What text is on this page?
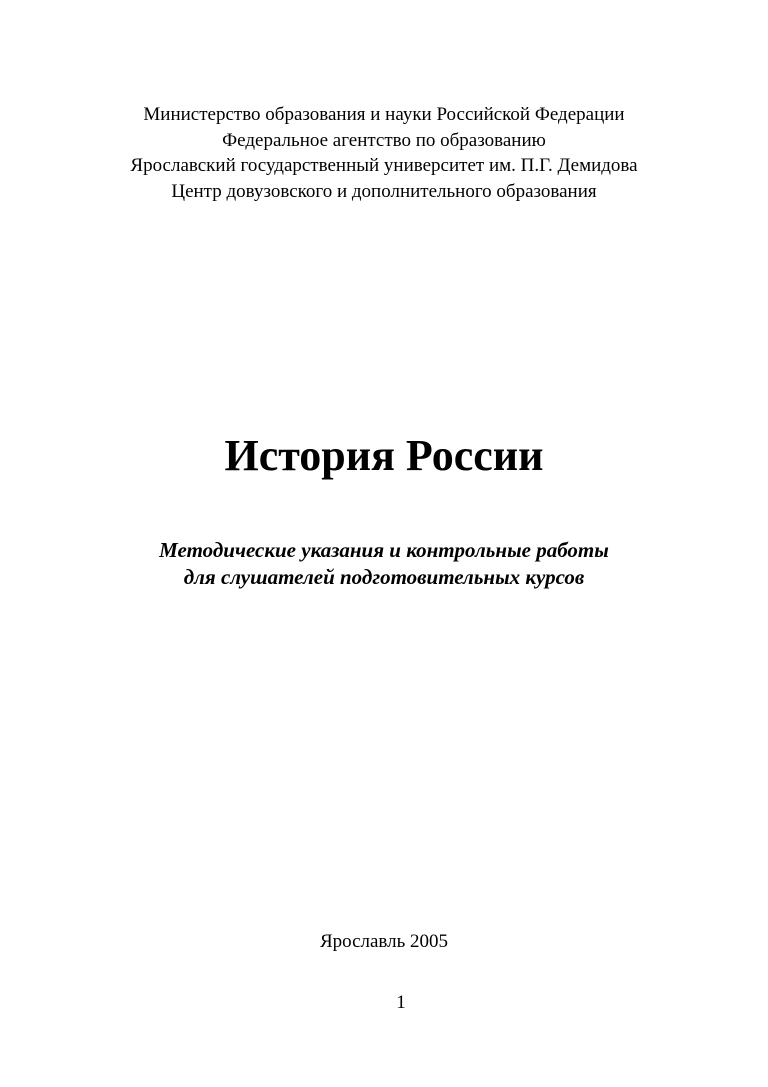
Министерство образования и науки Российской Федерации
Федеральное агентство по образованию
Ярославский государственный университет им. П.Г. Демидова
Центр довузовского и дополнительного образования
История России
Методические указания и контрольные работы
для слушателей подготовительных курсов
Ярославль 2005
1
